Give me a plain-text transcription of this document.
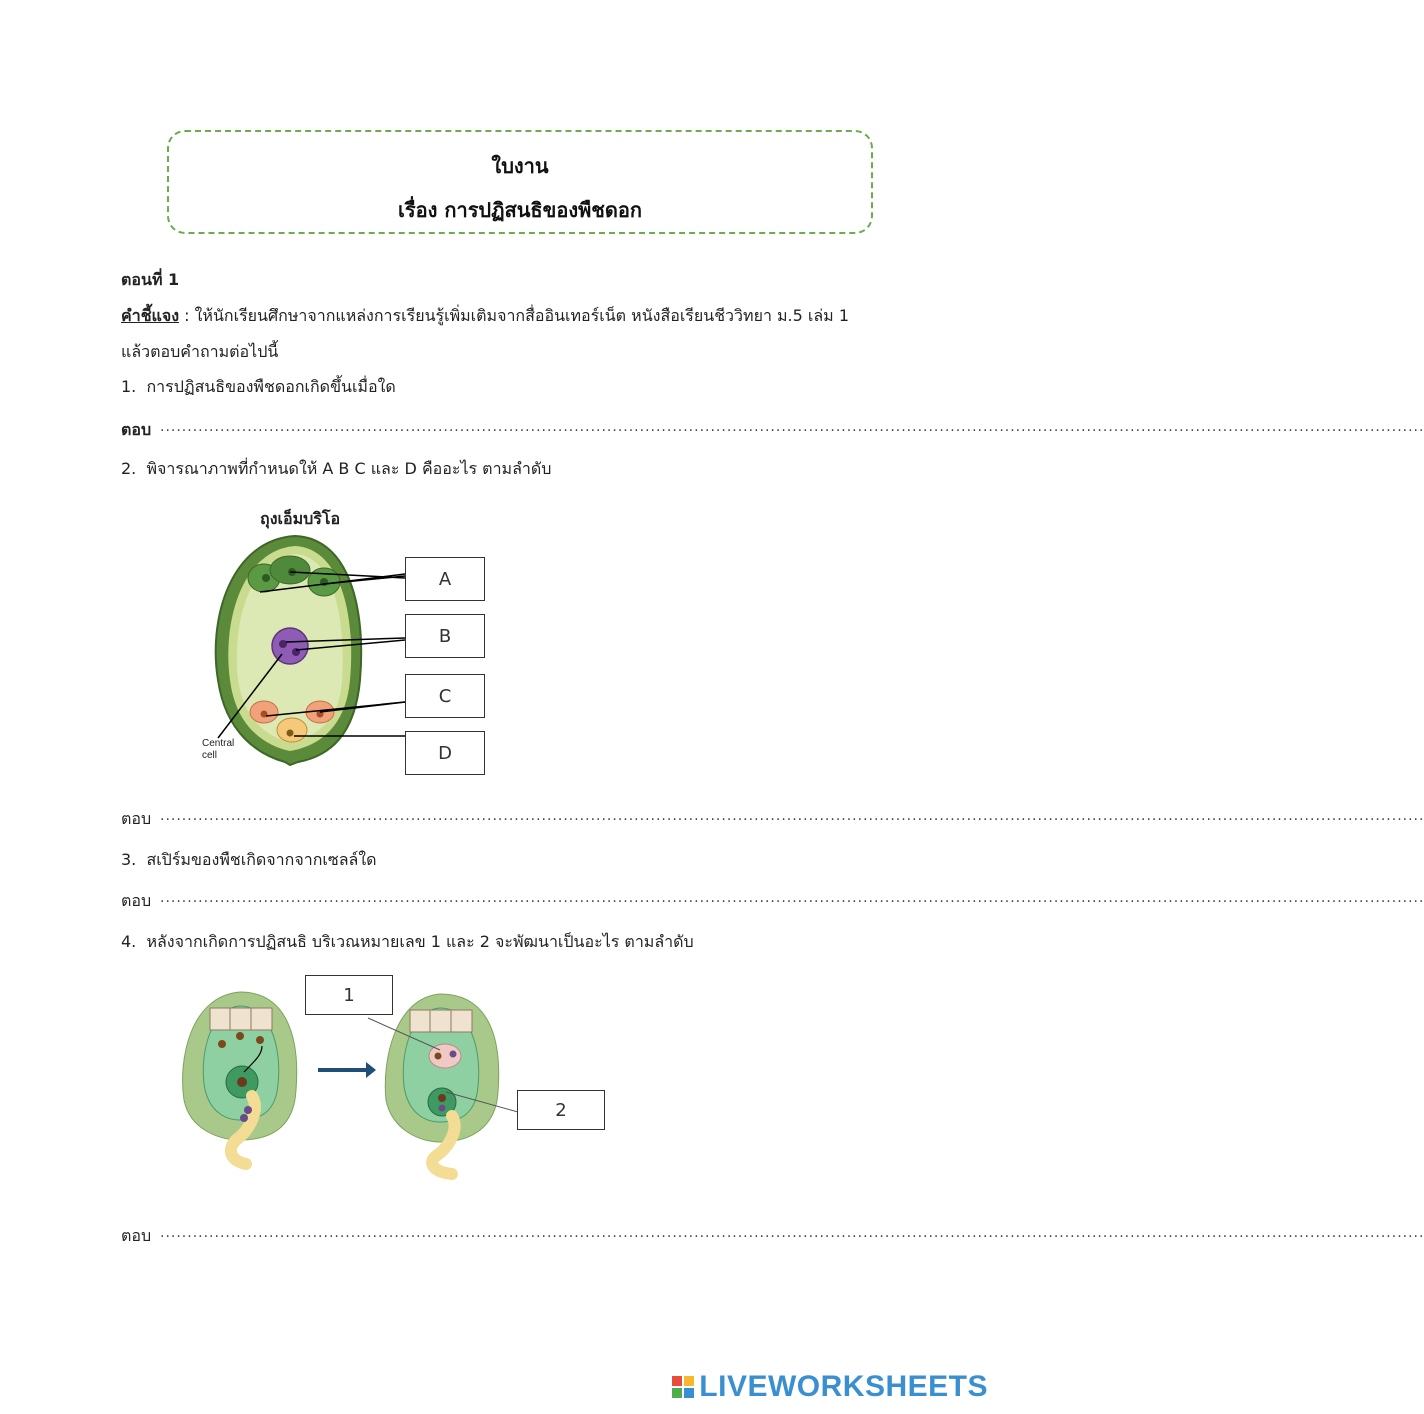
ใบงาน
เรื่อง การปฏิสนธิของพืชดอก
ตอนที่ 1
คำชี้แจง : ให้นักเรียนศึกษาจากแหล่งการเรียนรู้เพิ่มเติมจากสื่ออินเทอร์เน็ต หนังสือเรียนชีววิทยา ม.5 เล่ม 1
แล้วตอบคำถามต่อไปนี้
1. การปฏิสนธิของพืชดอกเกิดขึ้นเมื่อใด
ตอบ ........................................................................................................................................................................................................................................
2. พิจารณาภาพที่กำหนดให้ A B C และ D คืออะไร ตามลำดับ
ถุงเอ็มบริโอ
Central
cell
A
B
C
D
ตอบ ........................................................................................................................................................................................................................................
3. สเปิร์มของพืชเกิดจากจากเซลล์ใด
ตอบ ........................................................................................................................................................................................................................................
4. หลังจากเกิดการปฏิสนธิ บริเวณหมายเลข 1 และ 2 จะพัฒนาเป็นอะไร ตามลำดับ
1
2
ตอบ ........................................................................................................................................................................................................................................
LIVEWORKSHEETS
